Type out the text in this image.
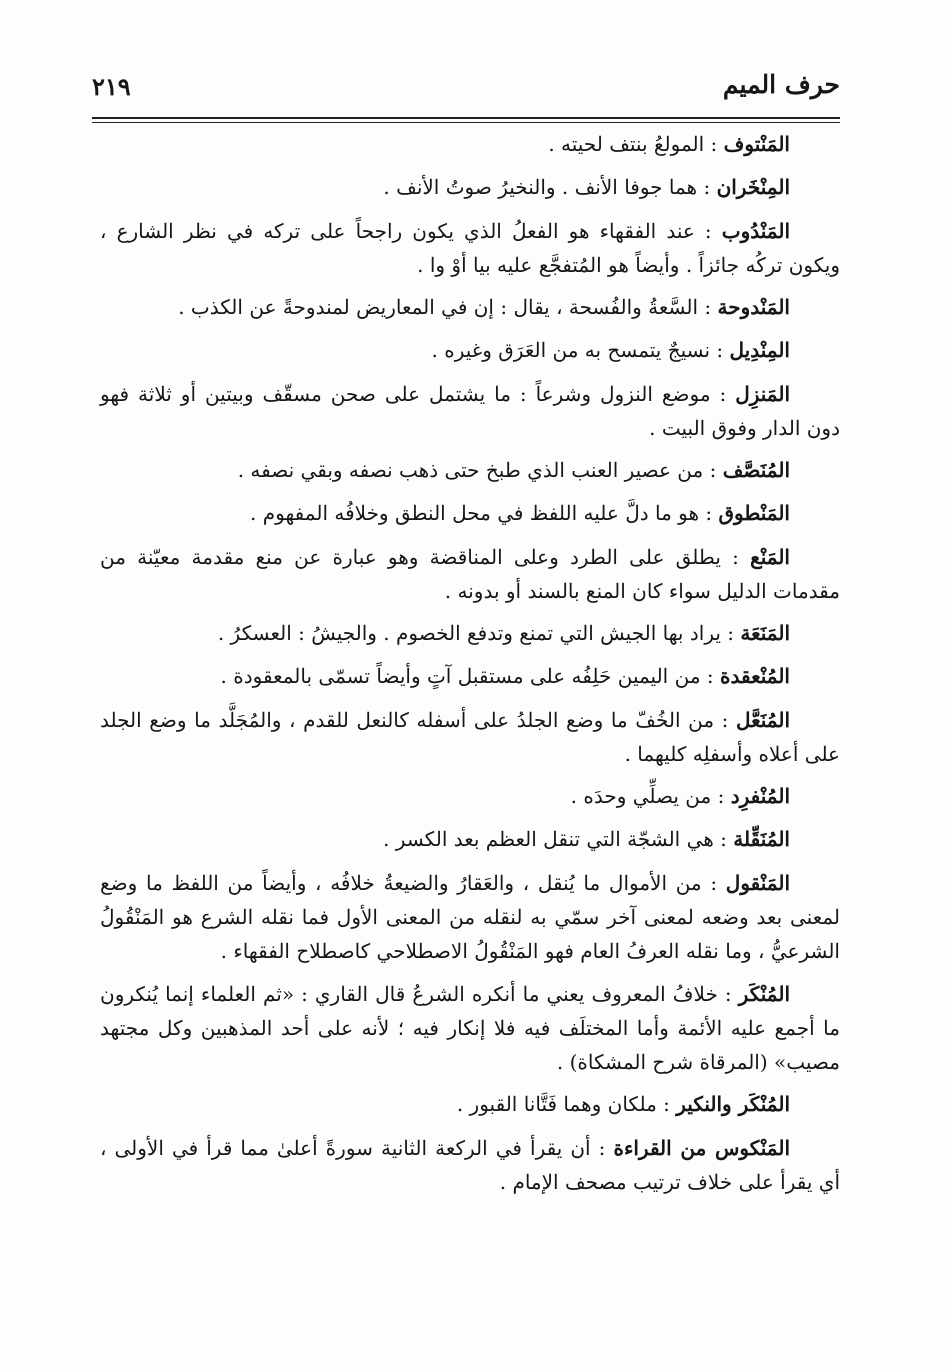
حرف الميم
٢١٩

المَنْتوف : المولعُ بنتف لحيته .

المِنْخَران : هما جوفا الأنف . والنخيرُ صوتُ الأنف .

المَنْدُوب : عند الفقهاء هو الفعلُ الذي يكون راجحاً على تركه في نظر الشارع ، ويكون تركُه جائزاً . وأيضاً هو المُتفجَّع عليه بيا أوْ وا .

المَنْدوحة : السَّعةُ والفُسحة ، يقال : إن في المعاريض لمندوحةً عن الكذب .

المِنْدِيل : نسيجٌ يتمسح به من العَرَق وغيره .

المَنزِل : موضع النزول وشرعاً : ما يشتمل على صحن مسقّف وبيتين أو ثلاثة فهو دون الدار وفوق البيت .

المُنَصَّف : من عصير العنب الذي طبخ حتى ذهب نصفه وبقي نصفه .

المَنْطوق : هو ما دلَّ عليه اللفظ في محل النطق وخلافُه المفهوم .

المَنْع : يطلق على الطرد وعلى المناقضة وهو عبارة عن منع مقدمة معيّنة من مقدمات الدليل سواء كان المنع بالسند أو بدونه .

المَنَعَة : يراد بها الجيش التي تمنع وتدفع الخصوم . والجيشُ : العسكرُ .

المُنْعقدة : من اليمين حَلِفُه على مستقبل آتٍ وأيضاً تسمّى بالمعقودة .

المُنَعَّل : من الخُفّ ما وضع الجلدُ على أسفله كالنعل للقدم ، والمُجَلَّد ما وضع الجلد على أعلاه وأسفلِه كليهما .

المُنْفرِد : من يصلِّي وحدَه .

المُنَقِّلة : هي الشجّة التي تنقل العظم بعد الكسر .

المَنْقول : من الأموال ما يُنقل ، والعَقارُ والضيعةُ خلافُه ، وأيضاً من اللفظ ما وضع لمعنى بعد وضعه لمعنى آخر سمّي به لنقله من المعنى الأول فما نقله الشرع هو المَنْقُولُ الشرعيُّ ، وما نقله العرفُ العام فهو المَنْقُولُ الاصطلاحي كاصطلاح الفقهاء .

المُنْكَر : خلافُ المعروف يعني ما أنكره الشرعُ قال القاري : «ثم العلماء إنما يُنكرون ما أجمع عليه الأئمة وأما المختلَف فيه فلا إنكار فيه ؛ لأنه على أحد المذهبين وكل مجتهد مصيب» (المرقاة شرح المشكاة) .

المُنْكَر والنكير : ملكان وهما فَتَّانا القبور .

المَنْكوس من القراءة : أن يقرأ في الركعة الثانية سورةً أعلىٰ مما قرأ في الأولى ، أي يقرأ على خلاف ترتيب مصحف الإمام .
